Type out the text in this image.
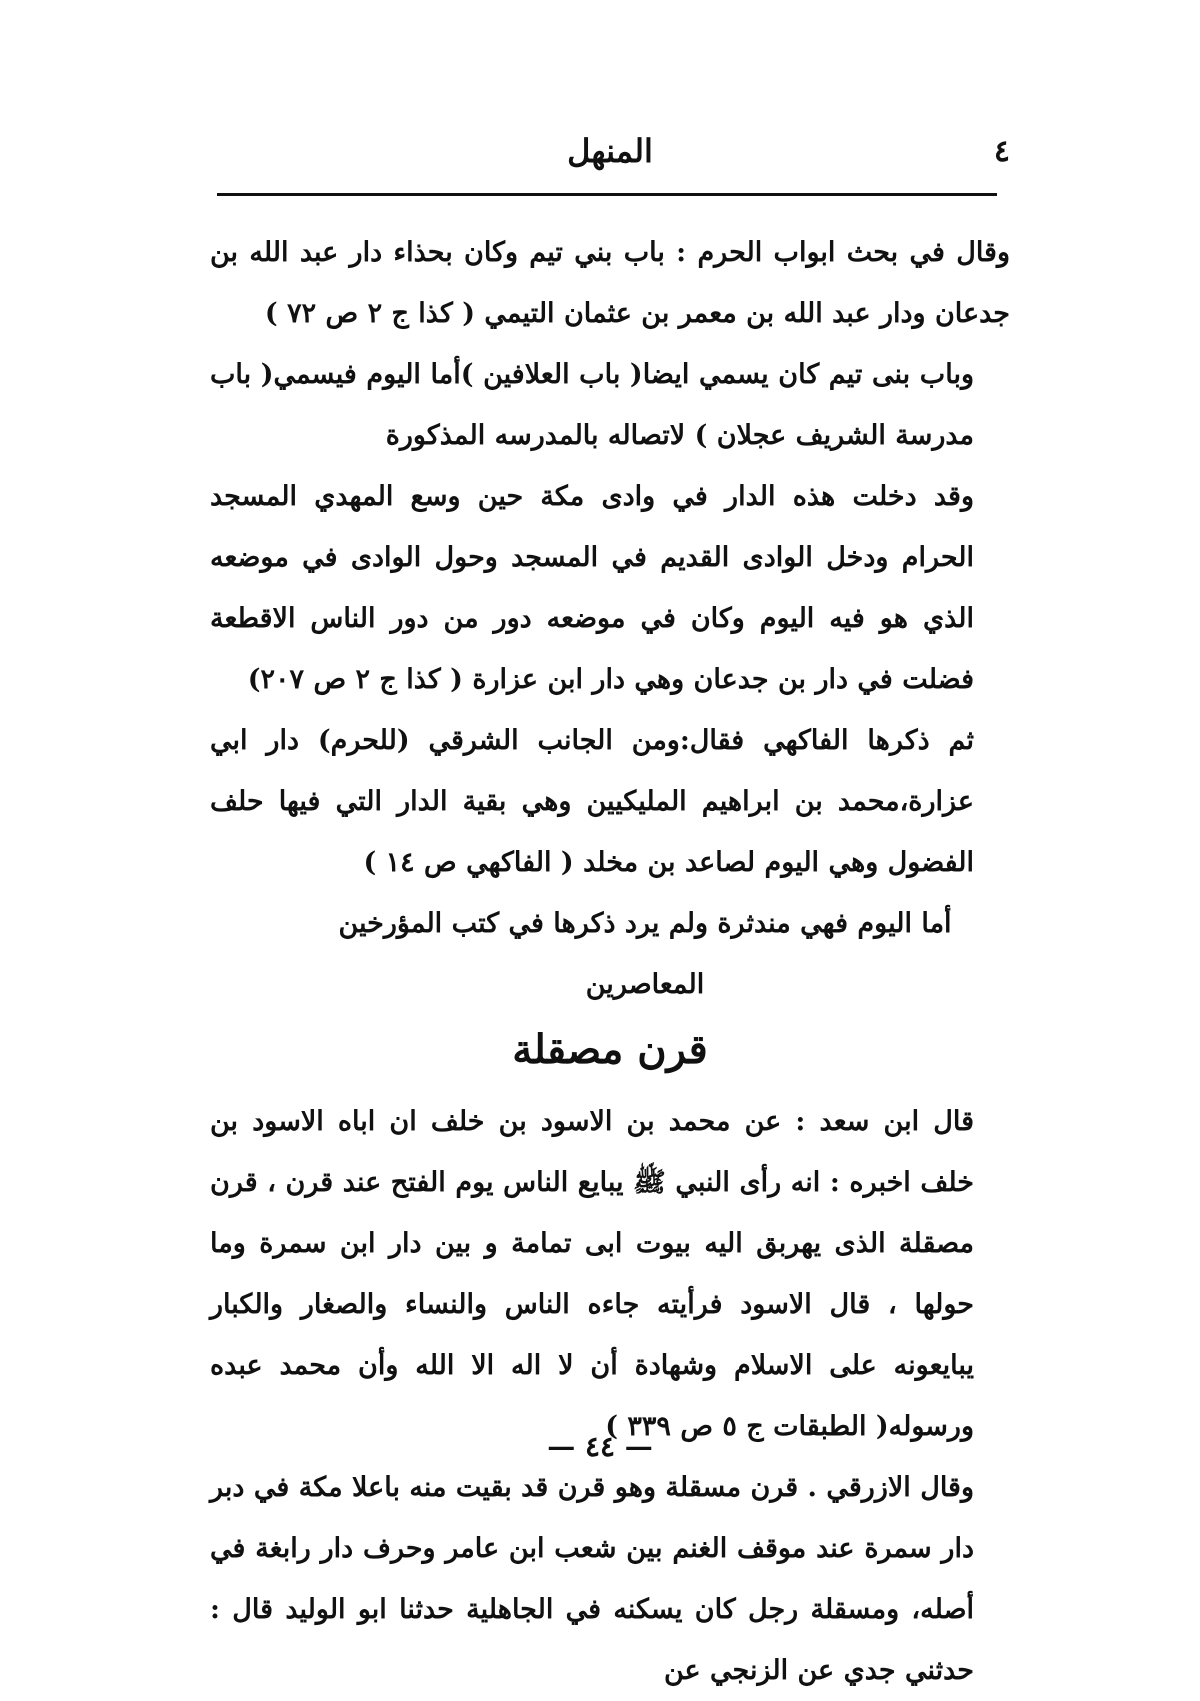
٤
المنهل

وقال في بحث ابواب الحرم : باب بني تيم وكان بحذاء دار عبد الله بن جدعان ودار عبد الله بن معمر بن عثمان التيمي ( كذا ج ٢ ص ٧٢ )

وباب بنى تيم كان يسمي ايضا( باب العلافين )أما اليوم فيسمي( باب مدرسة الشريف عجلان ) لاتصاله بالمدرسه المذكورة

وقد دخلت هذه الدار في وادى مكة حين وسع المهدي المسجد الحرام ودخل الوادى القديم في المسجد وحول الوادى في موضعه الذي هو فيه اليوم وكان في موضعه دور من دور الناس الاقطعة فضلت في دار بن جدعان وهي دار ابن عزارة ( كذا ج ٢ ص ٢٠٧)

ثم ذكرها الفاكهي فقال:ومن الجانب الشرقي (للحرم) دار ابي عزارة،محمد بن ابراهيم المليكيين وهي بقية الدار التي فيها حلف الفضول وهي اليوم لصاعد بن مخلد ( الفاكهي ص ١٤ )

أما اليوم فهي مندثرة ولم يرد ذكرها في كتب المؤرخين المعاصرين

قرن مصقلة

قال ابن سعد : عن محمد بن الاسود بن خلف ان اباه الاسود بن خلف اخبره : انه رأى النبي ﷺ يبايع الناس يوم الفتح عند قرن ، قرن مصقلة الذى يهربق اليه بيوت ابى تمامة و بين دار ابن سمرة وما حولها ، قال الاسود فرأيته جاءه الناس والنساء والصغار والكبار يبايعونه على الاسلام وشهادة أن لا اله الا الله وأن محمد عبده ورسوله( الطبقات ج ٥ ص ٣٣٩ )

وقال الازرقي . قرن مسقلة وهو قرن قد بقيت منه باعلا مكة في دبر دار سمرة عند موقف الغنم بين شعب ابن عامر وحرف دار رابغة في أصله، ومسقلة رجل كان يسكنه في الجاهلية حدثنا ابو الوليد قال : حدثني جدي عن الزنجي عن

— ٤٤ —
